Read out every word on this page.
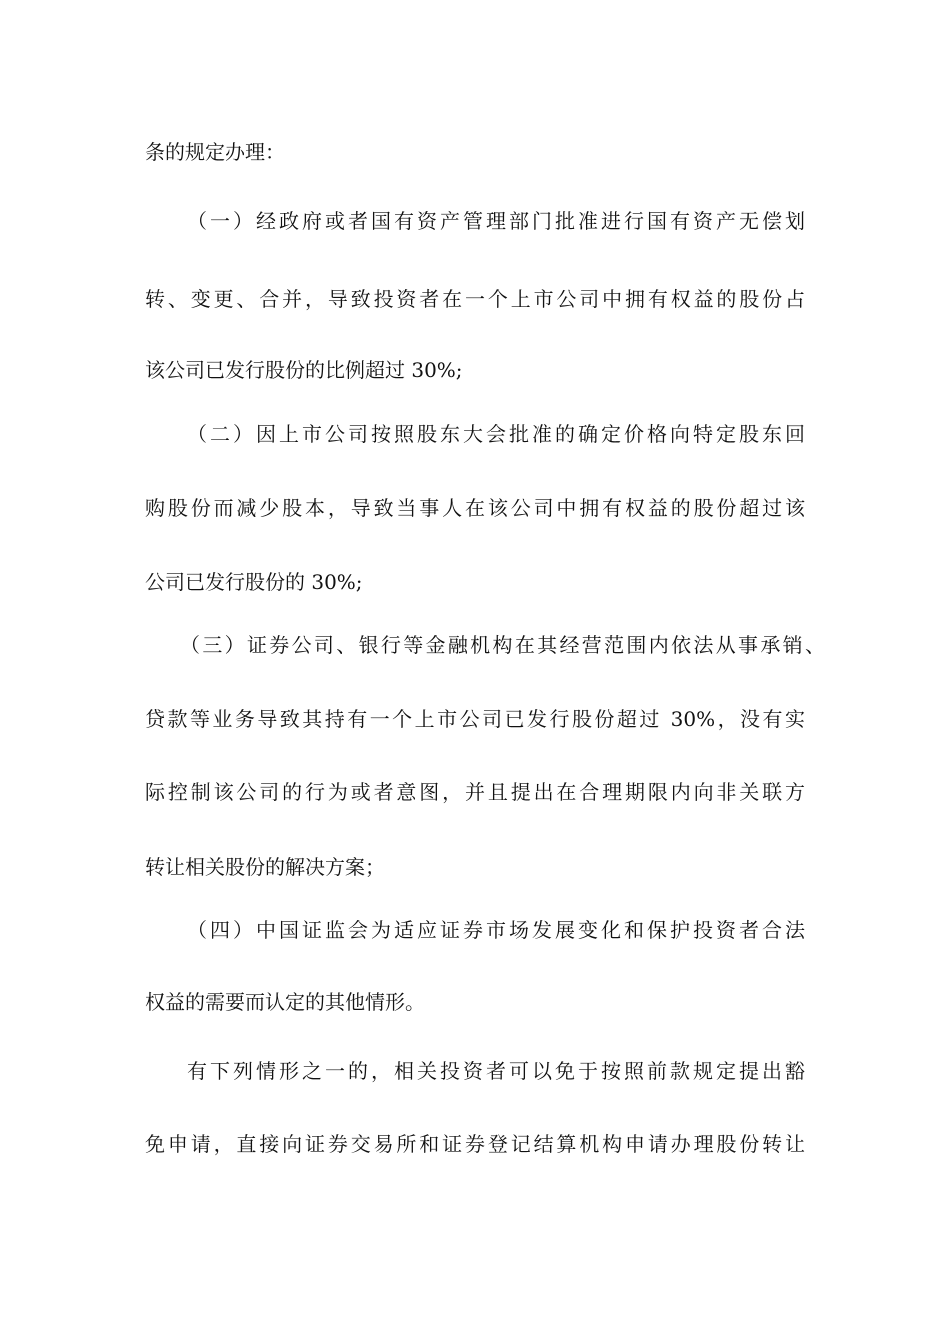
条的规定办理：
（一）经政府或者国有资产管理部门批准进行国有资产无偿划
转、变更、合并，导致投资者在一个上市公司中拥有权益的股份占
该公司已发行股份的比例超过 30%;
（二）因上市公司按照股东大会批准的确定价格向特定股东回
购股份而减少股本，导致当事人在该公司中拥有权益的股份超过该
公司已发行股份的 30%;
（三）证券公司、银行等金融机构在其经营范围内依法从事承销、
贷款等业务导致其持有一个上市公司已发行股份超过 30%，没有实
际控制该公司的行为或者意图，并且提出在合理期限内向非关联方
转让相关股份的解决方案；
（四）中国证监会为适应证券市场发展变化和保护投资者合法
权益的需要而认定的其他情形。
有下列情形之一的，相关投资者可以免于按照前款规定提出豁
免申请，直接向证券交易所和证券登记结算机构申请办理股份转让
